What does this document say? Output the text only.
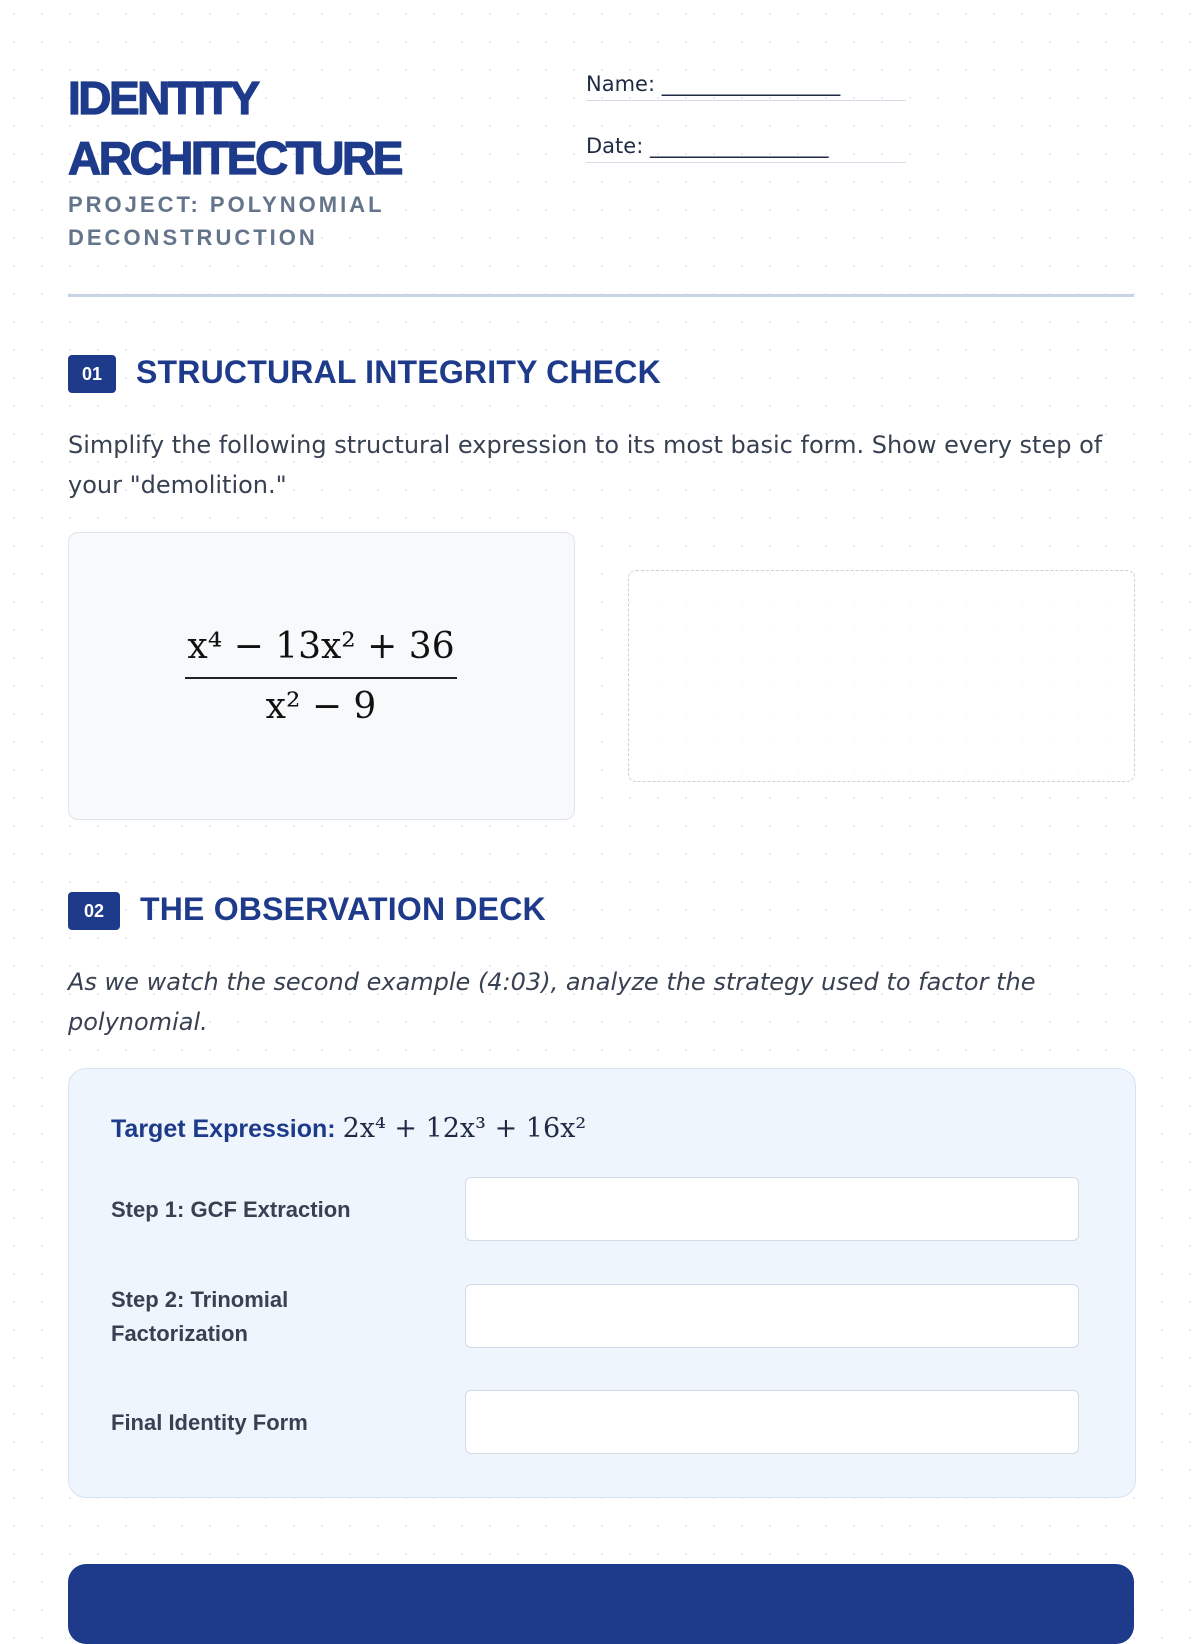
IDENTITY
ARCHITECTURE
PROJECT: POLYNOMIAL
DECONSTRUCTION
Name: _________________
Date: _________________
01	STRUCTURAL INTEGRITY CHECK
Simplify the following structural expression to its most basic form. Show every step of your "demolition."
$\frac{\text{x⁴ − 13x² + 36}}{\text{x² − 9}}$
02	THE OBSERVATION DECK
As we watch the second example (4:03), analyze the strategy used to factor the polynomial.
Target Expression: 2x⁴ + 12x³ + 16x²
Step 1: GCF Extraction
Step 2: Trinomial Factorization
Final Identity Form
